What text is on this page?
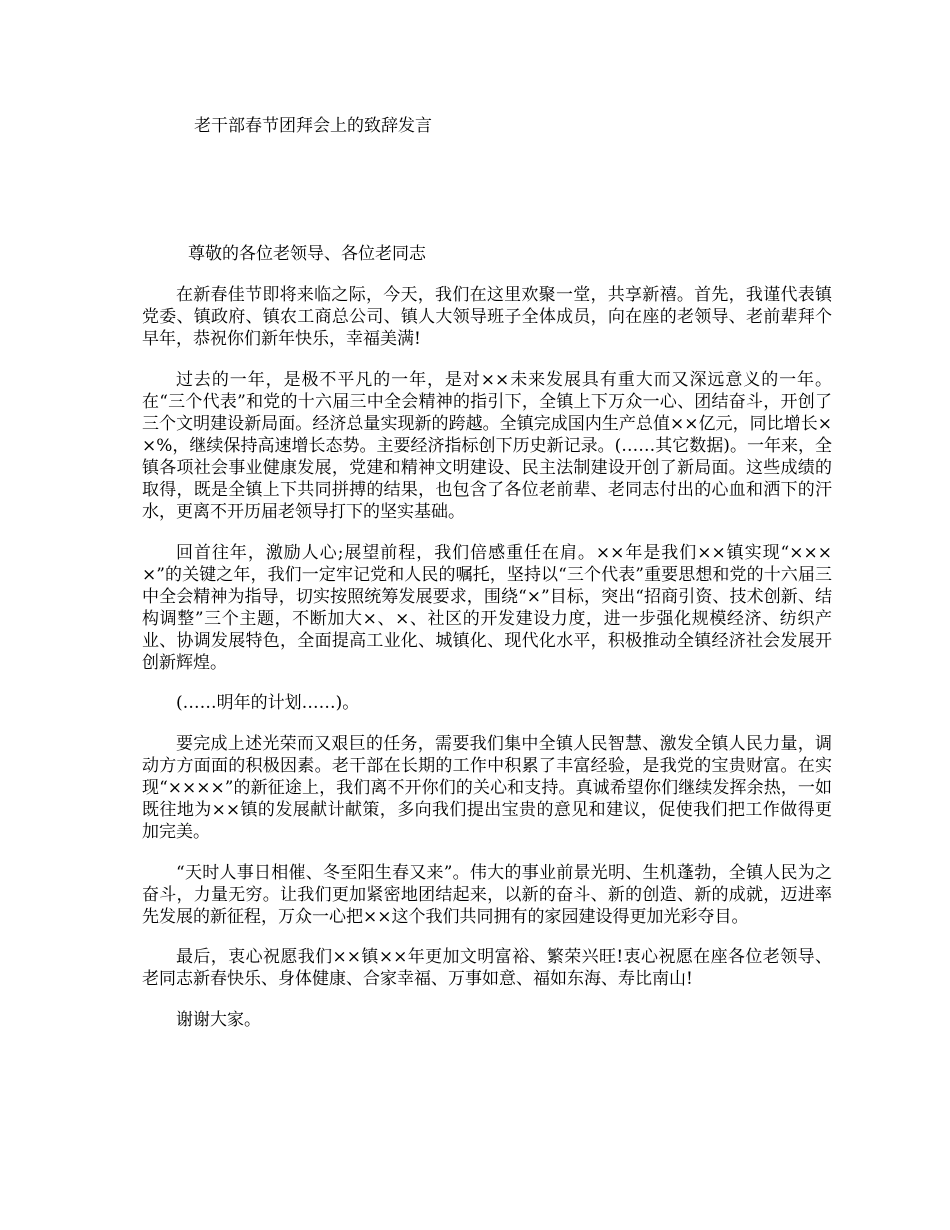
老干部春节团拜会上的致辞发言
尊敬的各位老领导、各位老同志

在新春佳节即将来临之际，今天，我们在这里欢聚一堂，共享新禧。首先，我谨代表镇党委、镇政府、镇农工商总公司、镇人大领导班子全体成员，向在座的老领导、老前辈拜个早年，恭祝你们新年快乐，幸福美满!

过去的一年，是极不平凡的一年，是对××未来发展具有重大而又深远意义的一年。在“三个代表”和党的十六届三中全会精神的指引下，全镇上下万众一心、团结奋斗，开创了三个文明建设新局面。经济总量实现新的跨越。全镇完成国内生产总值××亿元，同比增长××%，继续保持高速增长态势。主要经济指标创下历史新记录。(……其它数据)。一年来，全镇各项社会事业健康发展，党建和精神文明建设、民主法制建设开创了新局面。这些成绩的取得，既是全镇上下共同拼搏的结果，也包含了各位老前辈、老同志付出的心血和洒下的汗水，更离不开历届老领导打下的坚实基础。

回首往年，激励人心;展望前程，我们倍感重任在肩。××年是我们××镇实现“××××”的关键之年，我们一定牢记党和人民的嘱托，坚持以“三个代表”重要思想和党的十六届三中全会精神为指导，切实按照统筹发展要求，围绕“×”目标，突出“招商引资、技术创新、结构调整”三个主题，不断加大×、×、社区的开发建设力度，进一步强化规模经济、纺织产业、协调发展特色，全面提高工业化、城镇化、现代化水平，积极推动全镇经济社会发展开创新辉煌。

(……明年的计划……)。

要完成上述光荣而又艰巨的任务，需要我们集中全镇人民智慧、激发全镇人民力量，调动方方面面的积极因素。老干部在长期的工作中积累了丰富经验，是我党的宝贵财富。在实现“××××”的新征途上，我们离不开你们的关心和支持。真诚希望你们继续发挥余热，一如既往地为××镇的发展献计献策，多向我们提出宝贵的意见和建议，促使我们把工作做得更加完美。

“天时人事日相催、冬至阳生春又来”。伟大的事业前景光明、生机蓬勃，全镇人民为之奋斗，力量无穷。让我们更加紧密地团结起来，以新的奋斗、新的创造、新的成就，迈进率先发展的新征程，万众一心把××这个我们共同拥有的家园建设得更加光彩夺目。

最后，衷心祝愿我们××镇××年更加文明富裕、繁荣兴旺!衷心祝愿在座各位老领导、老同志新春快乐、身体健康、合家幸福、万事如意、福如东海、寿比南山!

谢谢大家。
